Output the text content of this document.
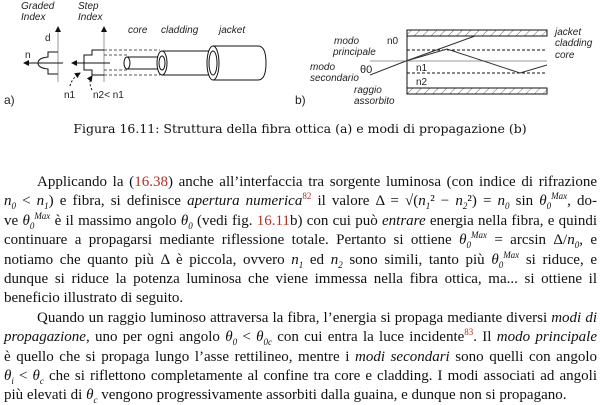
Graded
Index
Step
Index
d
n
core cladding jacket
n1 n2< n1
a)
n0
modo
principale
modo
secondario
θ0
raggio
assorbito
n1
n2
jacket
cladding
core
b)
Figura 16.11: Struttura della fibra ottica (a) e modi di propagazione (b)
Applicando la (16.38) anche all’interfaccia tra sorgente luminosa (con indice di rifrazione
$n_0 < n_1$) e fibra, si definisce apertura numerica$^{82}$ il valore $\Delta = √(n_1^2 - n_2^2) = n_0$ $\sin \theta_0^{Max}$, do-
ve $\theta_0^{Max}$ è il massimo angolo $\theta_0$ (vedi fig. 16.11b) con cui può entrare energia nella fibra, e quindi
continuare a propagarsi mediante riflessione totale. Pertanto si ottiene $\theta_0^{Max} = \arcsin \Delta/n_0$, e
notiamo che quanto più Δ è piccola, ovvero $n_1$ ed $n_2$ sono simili, tanto più $\theta_0^{Max}$ si riduce, e
dunque si riduce la potenza luminosa che viene immessa nella fibra ottica, ma... si ottiene il
beneficio illustrato di seguito.
Quando un raggio luminoso attraversa la fibra, l’energia si propaga mediante diversi modi di
propagazione, uno per ogni angolo $\theta_0 < \theta_{0c}$ con cui entra la luce incidente$^{83}$. Il modo principale
è quello che si propaga lungo l’asse rettilineo, mentre i modi secondari sono quelli con angolo
$\theta_i < \theta_c$ che si riflettono completamente al confine tra core e cladding. I modi associati ad angoli
più elevati di $\theta_c$ vengono progressivamente assorbiti dalla guaina, e dunque non si propagano.
